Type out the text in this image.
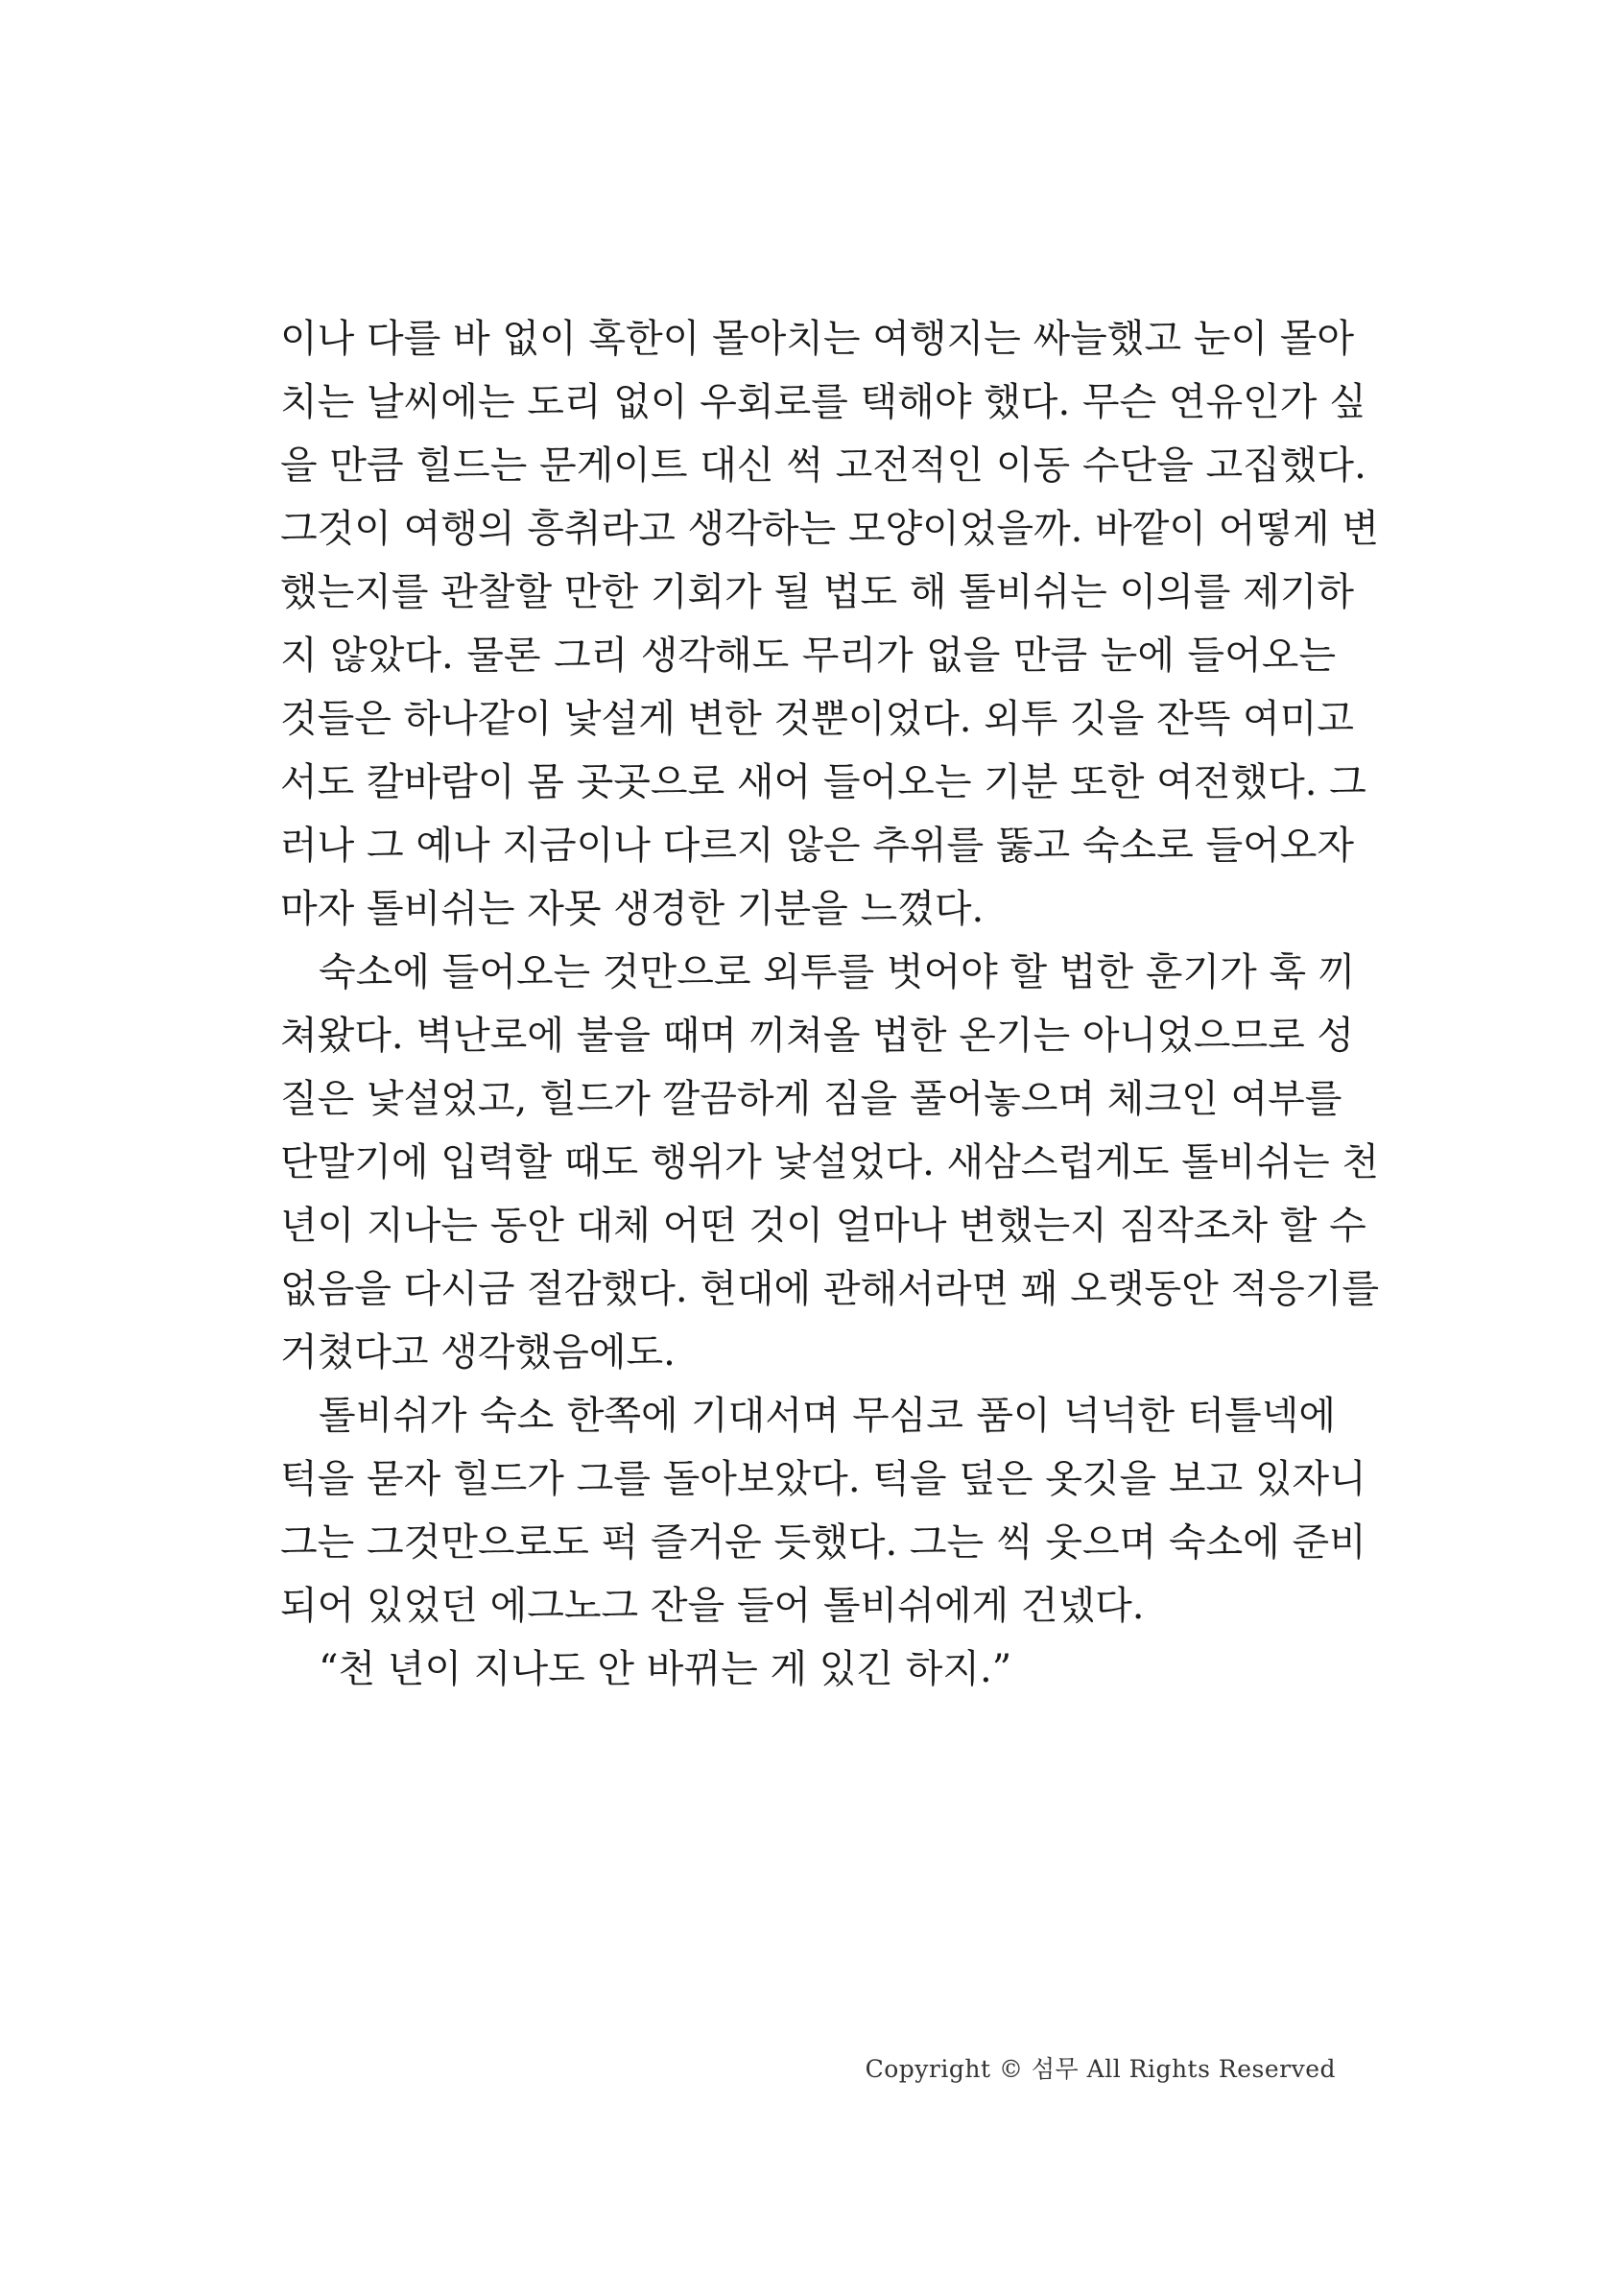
이나 다를 바 없이 혹한이 몰아치는 여행지는 싸늘했고 눈이 몰아
치는 날씨에는 도리 없이 우회로를 택해야 했다. 무슨 연유인가 싶
을 만큼 힐드는 문게이트 대신 썩 고전적인 이동 수단을 고집했다.
그것이 여행의 흥취라고 생각하는 모양이었을까. 바깥이 어떻게 변
했는지를 관찰할 만한 기회가 될 법도 해 톨비쉬는 이의를 제기하
지 않았다. 물론 그리 생각해도 무리가 없을 만큼 눈에 들어오는
것들은 하나같이 낯설게 변한 것뿐이었다. 외투 깃을 잔뜩 여미고
서도 칼바람이 몸 곳곳으로 새어 들어오는 기분 또한 여전했다. 그
러나 그 예나 지금이나 다르지 않은 추위를 뚫고 숙소로 들어오자
마자 톨비쉬는 자못 생경한 기분을 느꼈다.
숙소에 들어오는 것만으로 외투를 벗어야 할 법한 훈기가 훅 끼
쳐왔다. 벽난로에 불을 때며 끼쳐올 법한 온기는 아니었으므로 성
질은 낯설었고, 힐드가 깔끔하게 짐을 풀어놓으며 체크인 여부를
단말기에 입력할 때도 행위가 낯설었다. 새삼스럽게도 톨비쉬는 천
년이 지나는 동안 대체 어떤 것이 얼마나 변했는지 짐작조차 할 수
없음을 다시금 절감했다. 현대에 관해서라면 꽤 오랫동안 적응기를
거쳤다고 생각했음에도.
톨비쉬가 숙소 한쪽에 기대서며 무심코 품이 넉넉한 터틀넥에
턱을 묻자 힐드가 그를 돌아보았다. 턱을 덮은 옷깃을 보고 있자니
그는 그것만으로도 퍽 즐거운 듯했다. 그는 씩 웃으며 숙소에 준비
되어 있었던 에그노그 잔을 들어 톨비쉬에게 건넸다.
“천 년이 지나도 안 바뀌는 게 있긴 하지.”
Copyright © 섬무 All Rights Reserved
